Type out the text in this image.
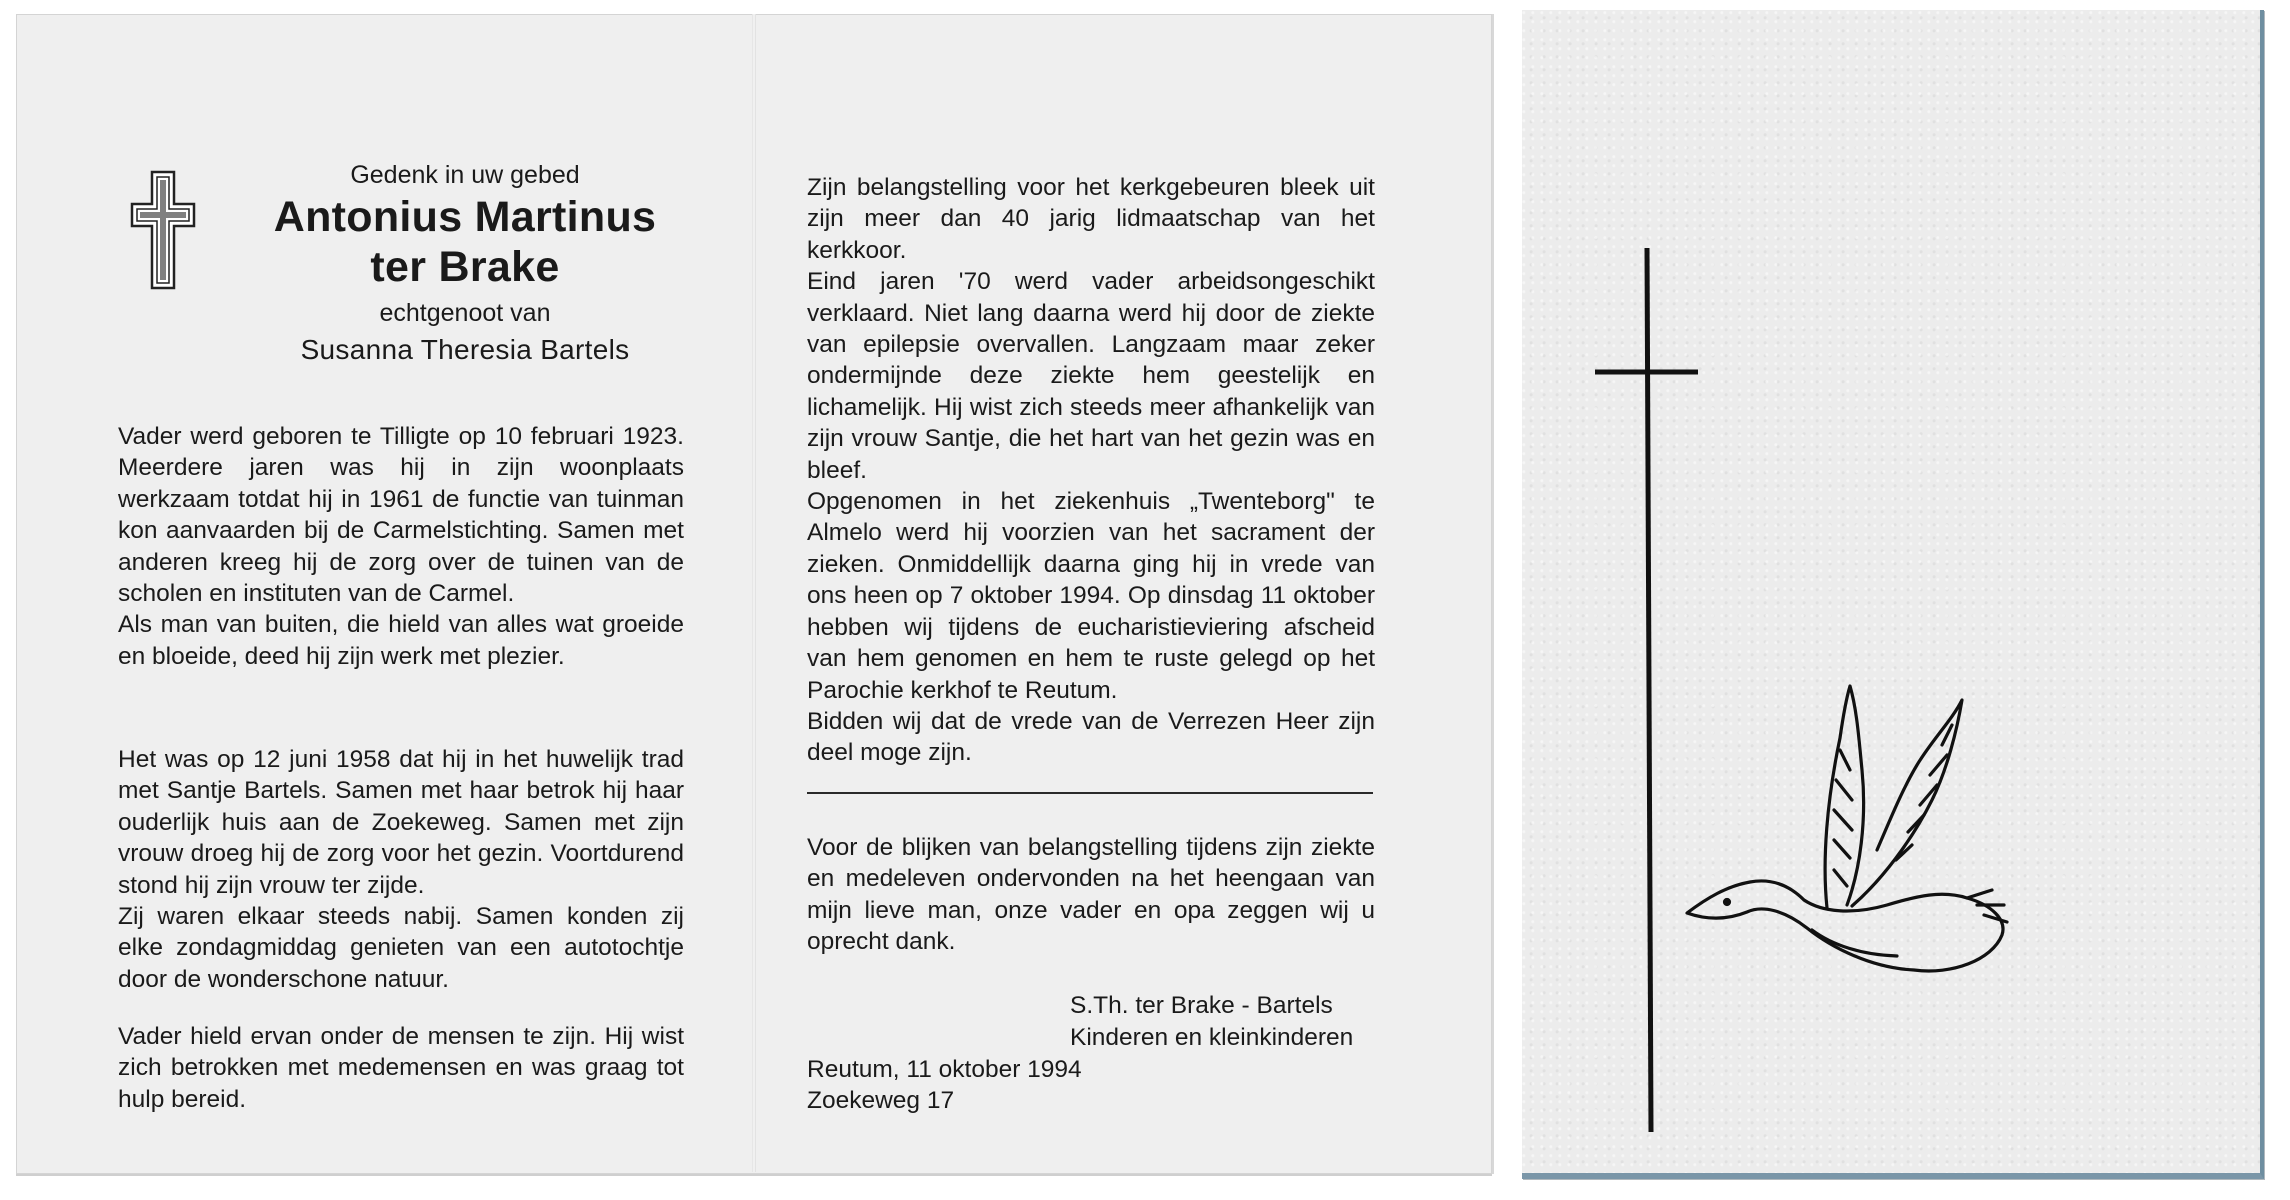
Gedenk in uw gebed
Antonius Martinus
ter Brake
echtgenoot van
Susanna Theresia Bartels
Vader werd geboren te Tilligte op 10 februari 1923. Meerdere jaren was hij in zijn woonplaats werkzaam totdat hij in 1961 de functie van tuinman kon aanvaarden bij de Carmelstichting. Samen met anderen kreeg hij de zorg over de tuinen van de scholen en instituten van de Carmel.
Als man van buiten, die hield van alles wat groeide en bloeide, deed hij zijn werk met plezier.
Het was op 12 juni 1958 dat hij in het huwelijk trad met Santje Bartels. Samen met haar betrok hij haar ouderlijk huis aan de Zoekeweg. Samen met zijn vrouw droeg hij de zorg voor het gezin. Voortdurend stond hij zijn vrouw ter zijde.
Zij waren elkaar steeds nabij. Samen konden zij elke zondagmiddag genieten van een autotochtje door de wonderschone natuur.
Vader hield ervan onder de mensen te zijn. Hij wist zich betrokken met medemensen en was graag tot hulp bereid.
Zijn belangstelling voor het kerkgebeuren bleek uit zijn meer dan 40 jarig lidmaatschap van het kerkkoor.
Eind jaren '70 werd vader arbeidsongeschikt verklaard. Niet lang daarna werd hij door de ziekte van epilepsie overvallen. Langzaam maar zeker ondermijnde deze ziekte hem geestelijk en lichamelijk. Hij wist zich steeds meer afhankelijk van zijn vrouw Santje, die het hart van het gezin was en bleef.
Opgenomen in het ziekenhuis „Twenteborg" te Almelo werd hij voorzien van het sacrament der zieken. Onmiddellijk daarna ging hij in vrede van ons heen op 7 oktober 1994. Op dinsdag 11 oktober hebben wij tijdens de eucharistieviering afscheid van hem genomen en hem te ruste gelegd op het Parochie kerkhof te Reutum.
Bidden wij dat de vrede van de Verrezen Heer zijn deel moge zijn.
Voor de blijken van belangstelling tijdens zijn ziekte en medeleven ondervonden na het heengaan van mijn lieve man, onze vader en opa zeggen wij u oprecht dank.
S.Th. ter Brake - Bartels
Kinderen en kleinkinderen
Reutum, 11 oktober 1994
Zoekeweg 17
